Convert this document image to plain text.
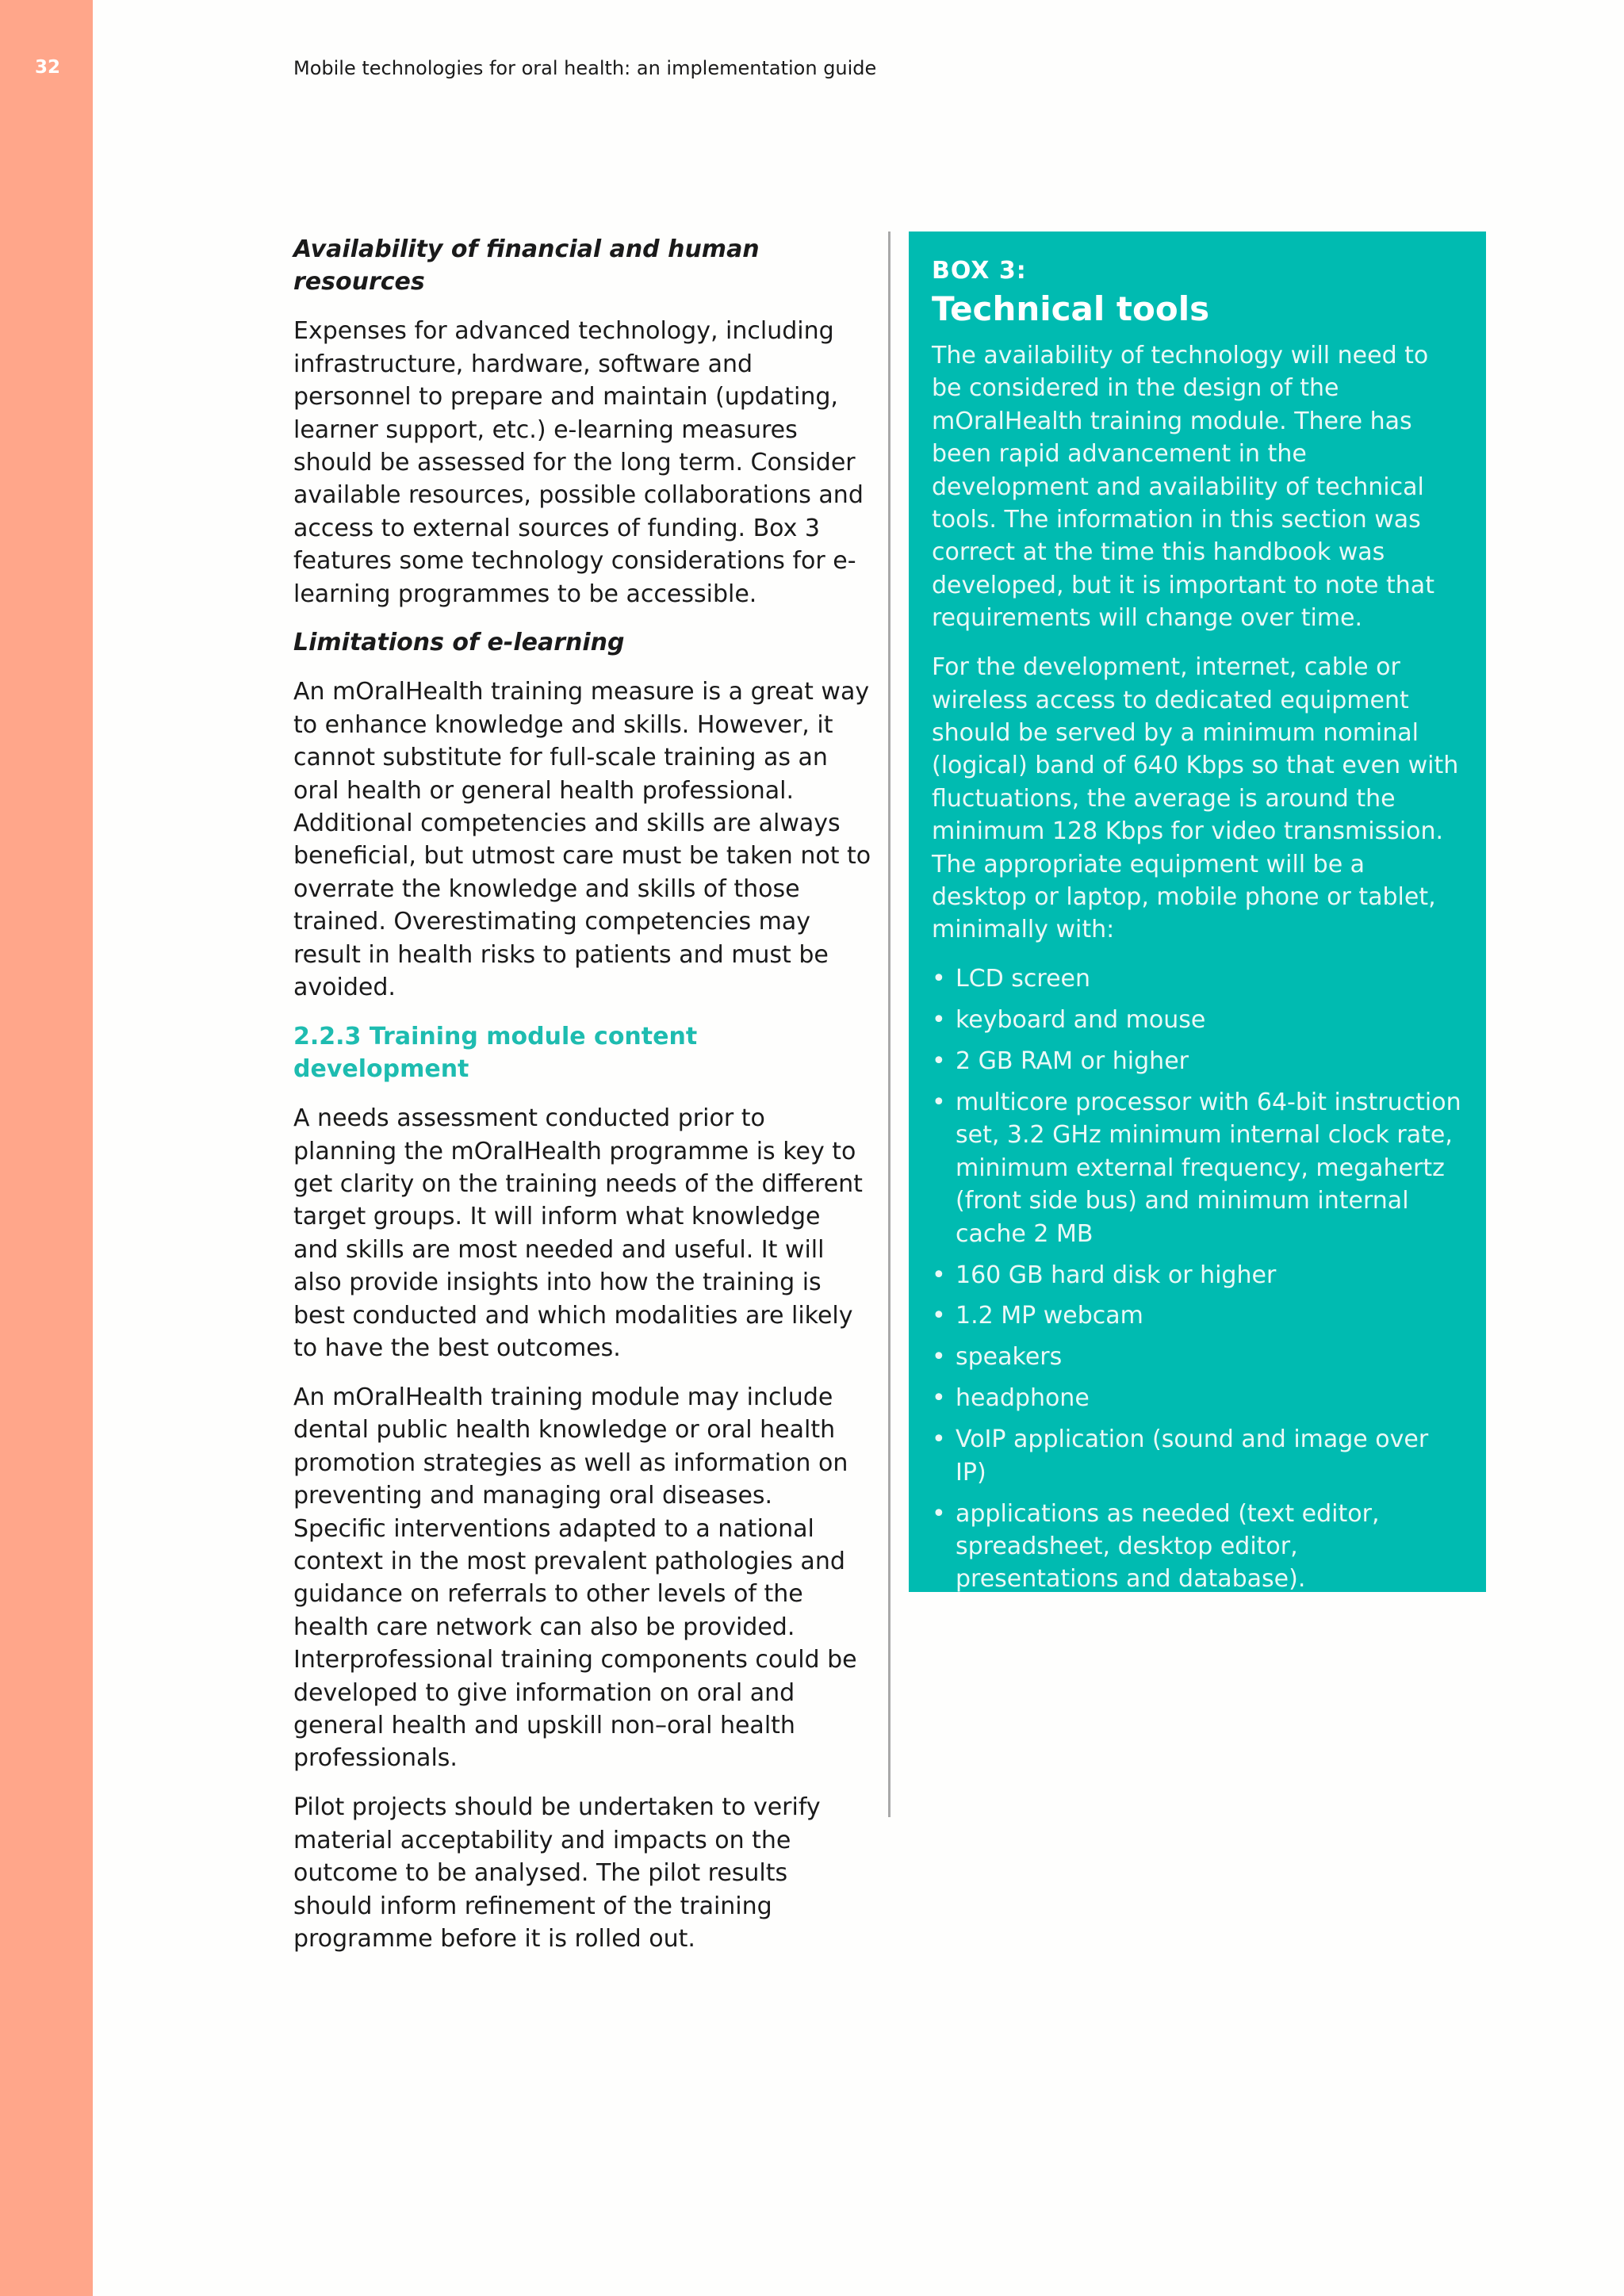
32	Mobile technologies for oral health: an implementation guide
Availability of financial and human resources

Expenses for advanced technology, including infrastructure, hardware, software and personnel to prepare and maintain (updating, learner support, etc.) e-learning measures should be assessed for the long term. Consider available resources, possible collaborations and access to external sources of funding. Box 3 features some technology considerations for e-learning programmes to be accessible.

Limitations of e-learning

An mOralHealth training measure is a great way to enhance knowledge and skills. However, it cannot substitute for full-scale training as an oral health or general health professional. Additional competencies and skills are always beneficial, but utmost care must be taken not to overrate the knowledge and skills of those trained. Overestimating competencies may result in health risks to patients and must be avoided.

2.2.3 Training module content development

A needs assessment conducted prior to planning the mOralHealth programme is key to get clarity on the training needs of the different target groups. It will inform what knowledge and skills are most needed and useful. It will also provide insights into how the training is best conducted and which modalities are likely to have the best outcomes.

An mOralHealth training module may include dental public health knowledge or oral health promotion strategies as well as information on preventing and managing oral diseases. Specific interventions adapted to a national context in the most prevalent pathologies and guidance on referrals to other levels of the health care network can also be provided. Interprofessional training components could be developed to give information on oral and general health and upskill non–oral health professionals.

Pilot projects should be undertaken to verify material acceptability and impacts on the outcome to be analysed. The pilot results should inform refinement of the training programme before it is rolled out.

BOX 3:
Technical tools

The availability of technology will need to be considered in the design of the mOralHealth training module. There has been rapid advancement in the development and availability of technical tools. The information in this section was correct at the time this handbook was developed, but it is important to note that requirements will change over time.

For the development, internet, cable or wireless access to dedicated equipment should be served by a minimum nominal (logical) band of 640 Kbps so that even with fluctuations, the average is around the minimum 128 Kbps for video transmission. The appropriate equipment will be a desktop or laptop, mobile phone or tablet, minimally with:

• LCD screen
• keyboard and mouse
• 2 GB RAM or higher
• multicore processor with 64-bit instruction set, 3.2 GHz minimum internal clock rate, minimum external frequency, megahertz (front side bus) and minimum internal cache 2 MB
• 160 GB hard disk or higher
• 1.2 MP webcam
• speakers
• headphone
• VoIP application (sound and image over IP)
• applications as needed (text editor, spreadsheet, desktop editor, presentations and database).
